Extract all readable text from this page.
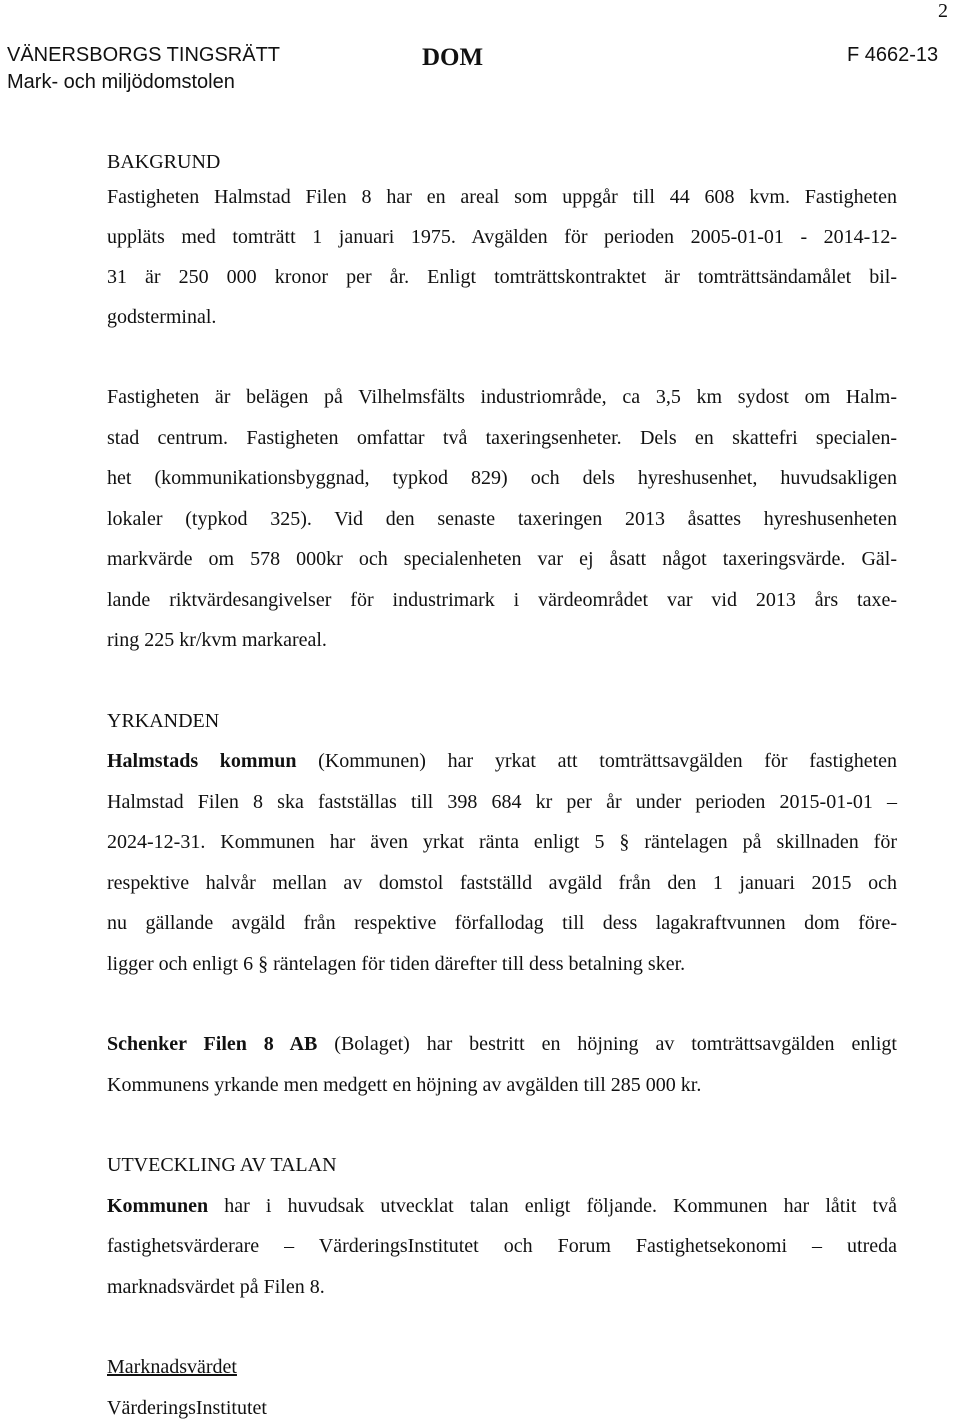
2
VÄNERSBORGS TINGSRÄTT
Mark- och miljödomstolen
DOM	F 4662-13
BAKGRUND

Fastigheten Halmstad Filen 8 har en areal som uppgår till 44 608 kvm. Fastigheten
uppläts med tomträtt 1 januari 1975. Avgälden för perioden 2005-01-01 - 2014-12-
31 är 250 000 kronor per år. Enligt tomträttskontraktet är tomträttsändamålet bil-
godsterminal.

Fastigheten är belägen på Vilhelmsfälts industriområde, ca 3,5 km sydost om Halm-
stad centrum. Fastigheten omfattar två taxeringsenheter. Dels en skattefri specialen-
het (kommunikationsbyggnad, typkod 829) och dels hyreshusenhet, huvudsakligen
lokaler (typkod 325). Vid den senaste taxeringen 2013 åsattes hyreshusenheten
markvärde om 578 000kr och specialenheten var ej åsatt något taxeringsvärde. Gäl-
lande riktvärdesangivelser för industrimark i värdeområdet var vid 2013 års taxe-
ring 225 kr/kvm markareal.

YRKANDEN
Halmstads kommun (Kommunen) har yrkat att tomträttsavgälden för fastigheten
Halmstad Filen 8 ska fastställas till 398 684 kr per år under perioden 2015-01-01 –
2024-12-31. Kommunen har även yrkat ränta enligt 5 § räntelagen på skillnaden för
respektive halvår mellan av domstol fastställd avgäld från den 1 januari 2015 och
nu gällande avgäld från respektive förfallodag till dess lagakraftvunnen dom före-
ligger och enligt 6 § räntelagen för tiden därefter till dess betalning sker.

Schenker Filen 8 AB (Bolaget) har bestritt en höjning av tomträttsavgälden enligt
Kommunens yrkande men medgett en höjning av avgälden till 285 000 kr.

UTVECKLING AV TALAN
Kommunen har i huvudsak utvecklat talan enligt följande. Kommunen har låtit två
fastighetsvärderare – VärderingsInstitutet och Forum Fastighetsekonomi – utreda
marknadsvärdet på Filen 8.

Marknadsvärdet
VärderingsInstitutet
